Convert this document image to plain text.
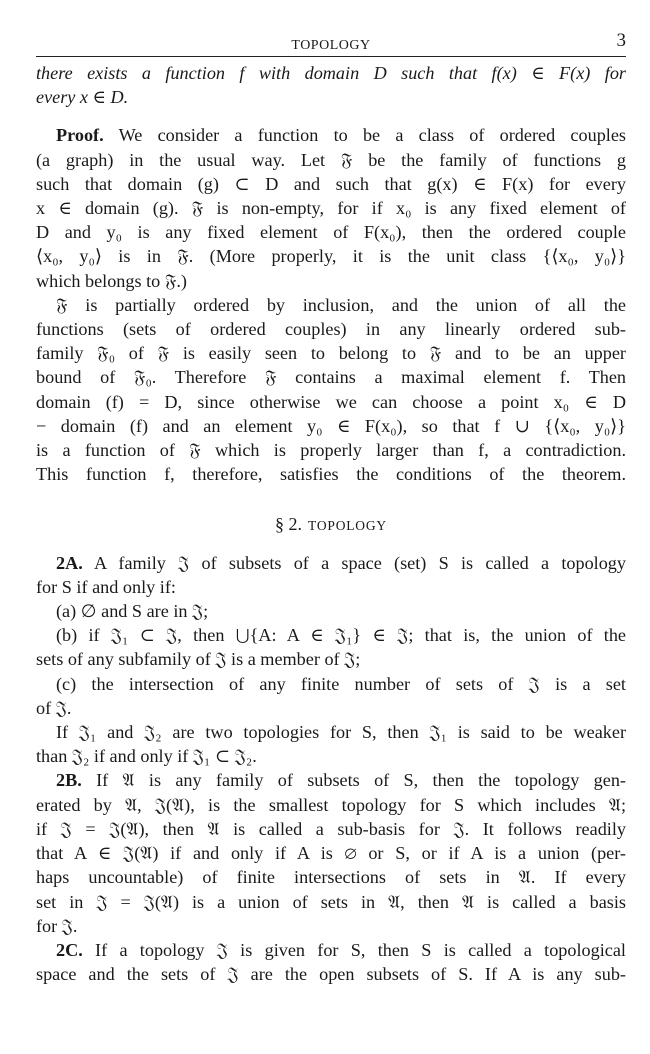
TOPOLOGY	3
there exists a function f with domain D such that f(x) ∈ F(x) for
every x ∈ D.
Proof. We consider a function to be a class of ordered couples
(a graph) in the usual way. Let 𝔉 be the family of functions g
such that domain (g) ⊂ D and such that g(x) ∈ F(x) for every
x ∈ domain (g). 𝔉 is non-empty, for if x₀ is any fixed element of
D and y₀ is any fixed element of F(x₀), then the ordered couple
⟨x₀, y₀⟩ is in 𝔉. (More properly, it is the unit class {⟨x₀, y₀⟩}
which belongs to 𝔉.)
𝔉 is partially ordered by inclusion, and the union of all the
functions (sets of ordered couples) in any linearly ordered sub-
family 𝔉₀ of 𝔉 is easily seen to belong to 𝔉 and to be an upper
bound of 𝔉₀. Therefore 𝔉 contains a maximal element f. Then
domain (f) = D, since otherwise we can choose a point x₀ ∈ D
− domain (f) and an element y₀ ∈ F(x₀), so that f ∪ {⟨x₀, y₀⟩}
is a function of 𝔉 which is properly larger than f, a contradiction.
This function f, therefore, satisfies the conditions of the theorem.
§ 2. TOPOLOGY
2A. A family 𝔍 of subsets of a space (set) S is called a topology
for S if and only if:
(a) ∅ and S are in 𝔍;
(b) if 𝔍₁ ⊂ 𝔍, then ⋃{A: A ∈ 𝔍₁} ∈ 𝔍; that is, the union of the
sets of any subfamily of 𝔍 is a member of 𝔍;
(c) the intersection of any finite number of sets of 𝔍 is a set
of 𝔍.
If 𝔍₁ and 𝔍₂ are two topologies for S, then 𝔍₁ is said to be weaker
than 𝔍₂ if and only if 𝔍₁ ⊂ 𝔍₂.
2B. If 𝔄 is any family of subsets of S, then the topology gen-
erated by 𝔄, 𝔍(𝔄), is the smallest topology for S which includes 𝔄;
if 𝔍 = 𝔍(𝔄), then 𝔄 is called a sub-basis for 𝔍. It follows readily
that A ∈ 𝔍(𝔄) if and only if A is ∅ or S, or if A is a union (per-
haps uncountable) of finite intersections of sets in 𝔄. If every
set in 𝔍 = 𝔍(𝔄) is a union of sets in 𝔄, then 𝔄 is called a basis
for 𝔍.
2C. If a topology 𝔍 is given for S, then S is called a topological
space and the sets of 𝔍 are the open subsets of S. If A is any sub-
